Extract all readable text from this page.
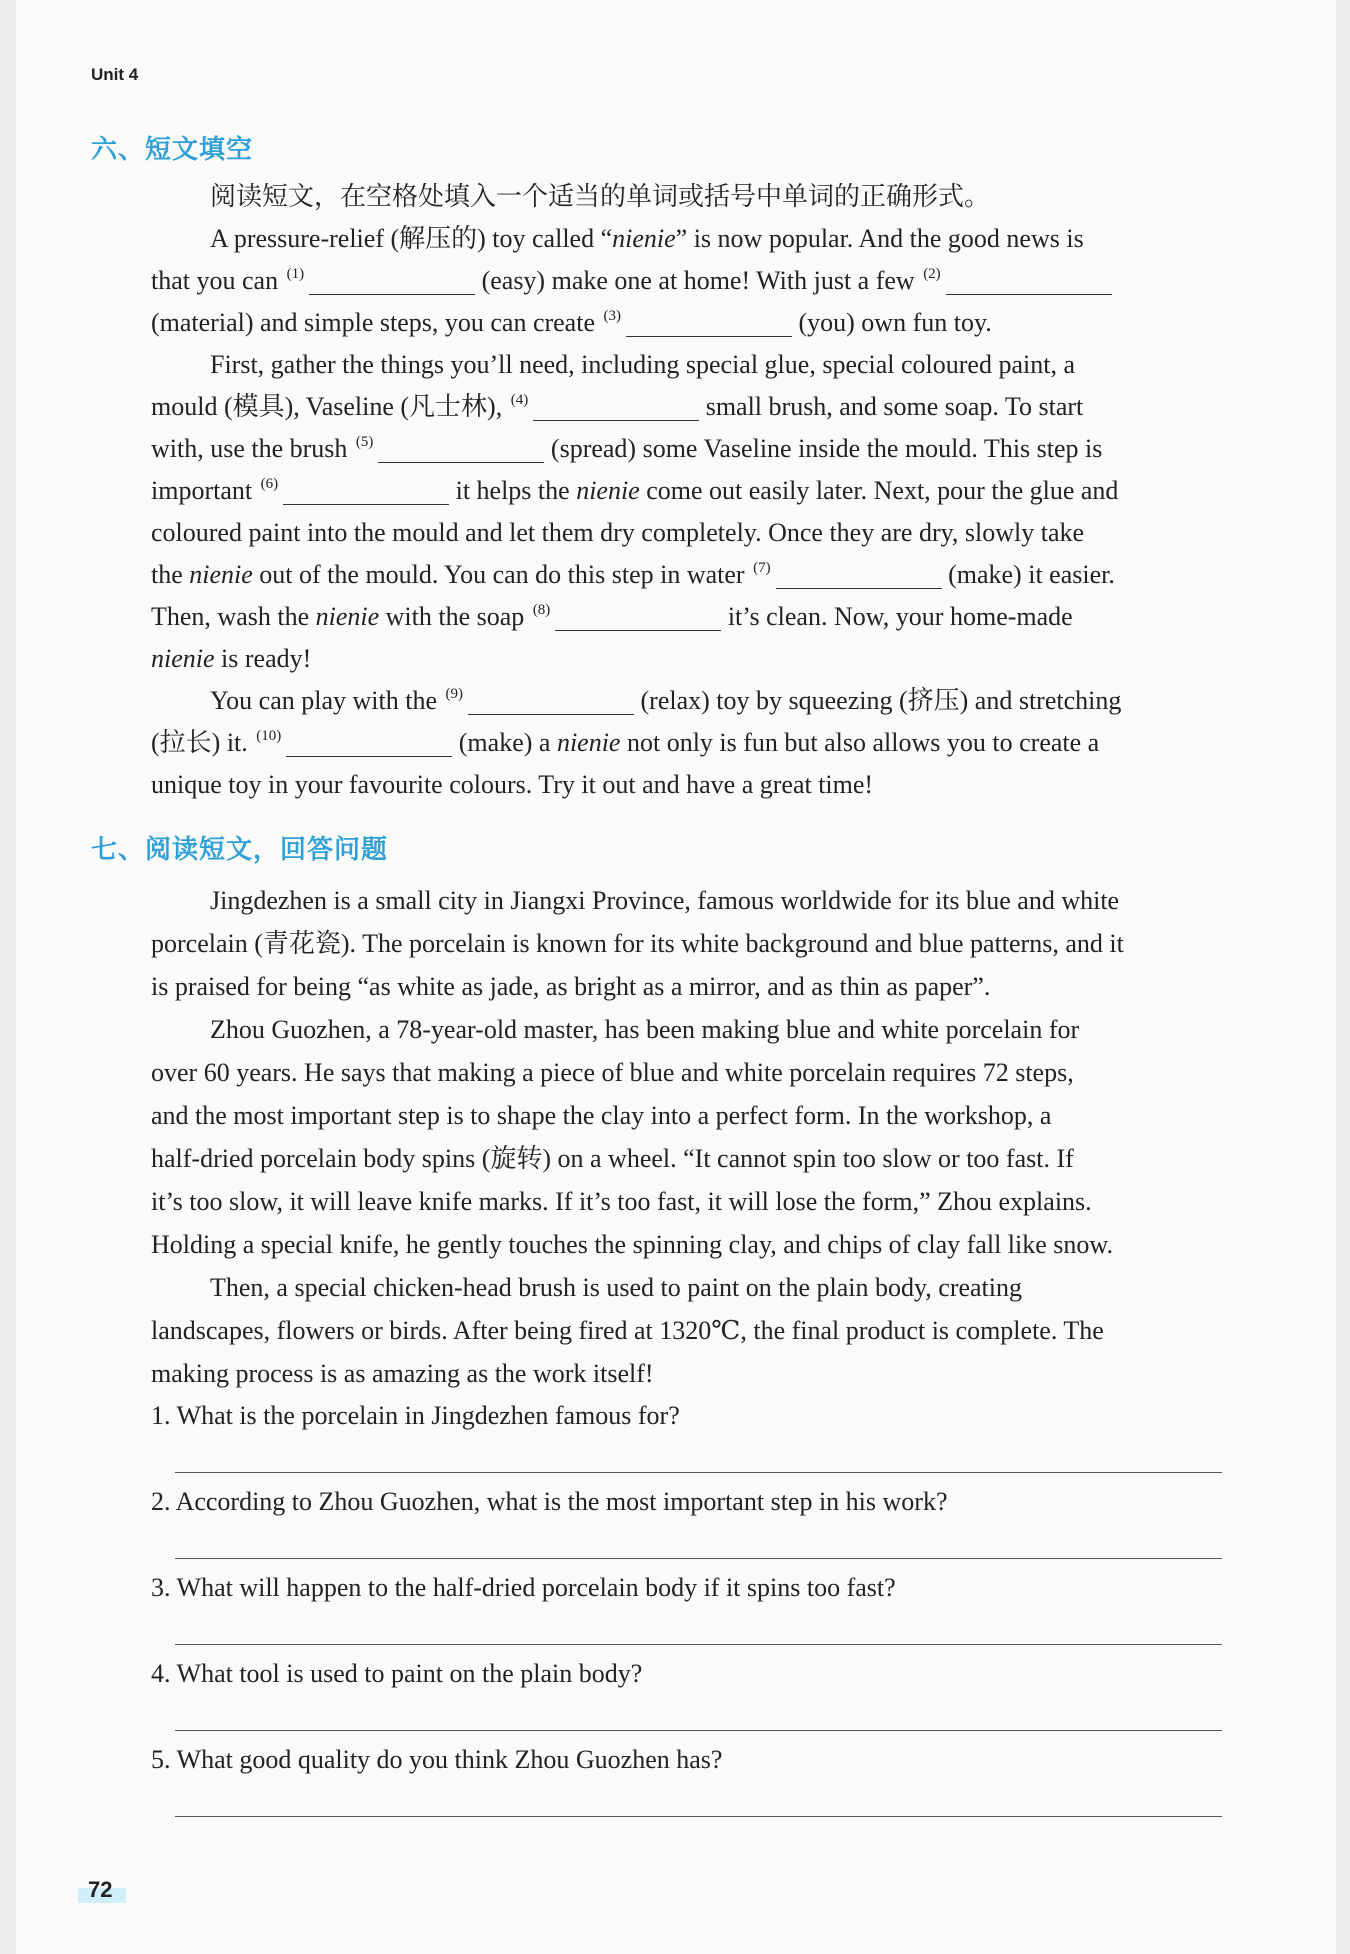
Unit 4
六、短文填空
阅读短文，在空格处填入一个适当的单词或括号中单词的正确形式。
A pressure-relief (解压的) toy called “nienie” is now popular. And the good news is
that you can $^{(1)}$	(easy) make one at home! With just a few $^{(2)}$
(material) and simple steps, you can create $^{(3)}$	(you) own fun toy.
First, gather the things you’ll need, including special glue, special coloured paint, a
mould (模具), Vaseline (凡士林), $^{(4)}$	small brush, and some soap. To start
with, use the brush $^{(5)}$	(spread) some Vaseline inside the mould. This step is
important $^{(6)}$	it helps the nienie come out easily later. Next, pour the glue and
coloured paint into the mould and let them dry completely. Once they are dry, slowly take
the nienie out of the mould. You can do this step in water $^{(7)}$	(make) it easier.
Then, wash the nienie with the soap $^{(8)}$	it’s clean. Now, your home-made
nienie is ready!
You can play with the $^{(9)}$	(relax) toy by squeezing (挤压) and stretching
(拉长) it. $^{(10)}$	(make) a nienie not only is fun but also allows you to create a
unique toy in your favourite colours. Try it out and have a great time!
七、阅读短文，回答问题
Jingdezhen is a small city in Jiangxi Province, famous worldwide for its blue and white
porcelain (青花瓷). The porcelain is known for its white background and blue patterns, and it
is praised for being “as white as jade, as bright as a mirror, and as thin as paper”.
Zhou Guozhen, a 78-year-old master, has been making blue and white porcelain for
over 60 years. He says that making a piece of blue and white porcelain requires 72 steps,
and the most important step is to shape the clay into a perfect form. In the workshop, a
half-dried porcelain body spins (旋转) on a wheel. “It cannot spin too slow or too fast. If
it’s too slow, it will leave knife marks. If it’s too fast, it will lose the form,” Zhou explains.
Holding a special knife, he gently touches the spinning clay, and chips of clay fall like snow.
Then, a special chicken-head brush is used to paint on the plain body, creating
landscapes, flowers or birds. After being fired at 1320℃, the final product is complete. The
making process is as amazing as the work itself!
1. What is the porcelain in Jingdezhen famous for?
2. According to Zhou Guozhen, what is the most important step in his work?
3. What will happen to the half-dried porcelain body if it spins too fast?
4. What tool is used to paint on the plain body?
5. What good quality do you think Zhou Guozhen has?
72
